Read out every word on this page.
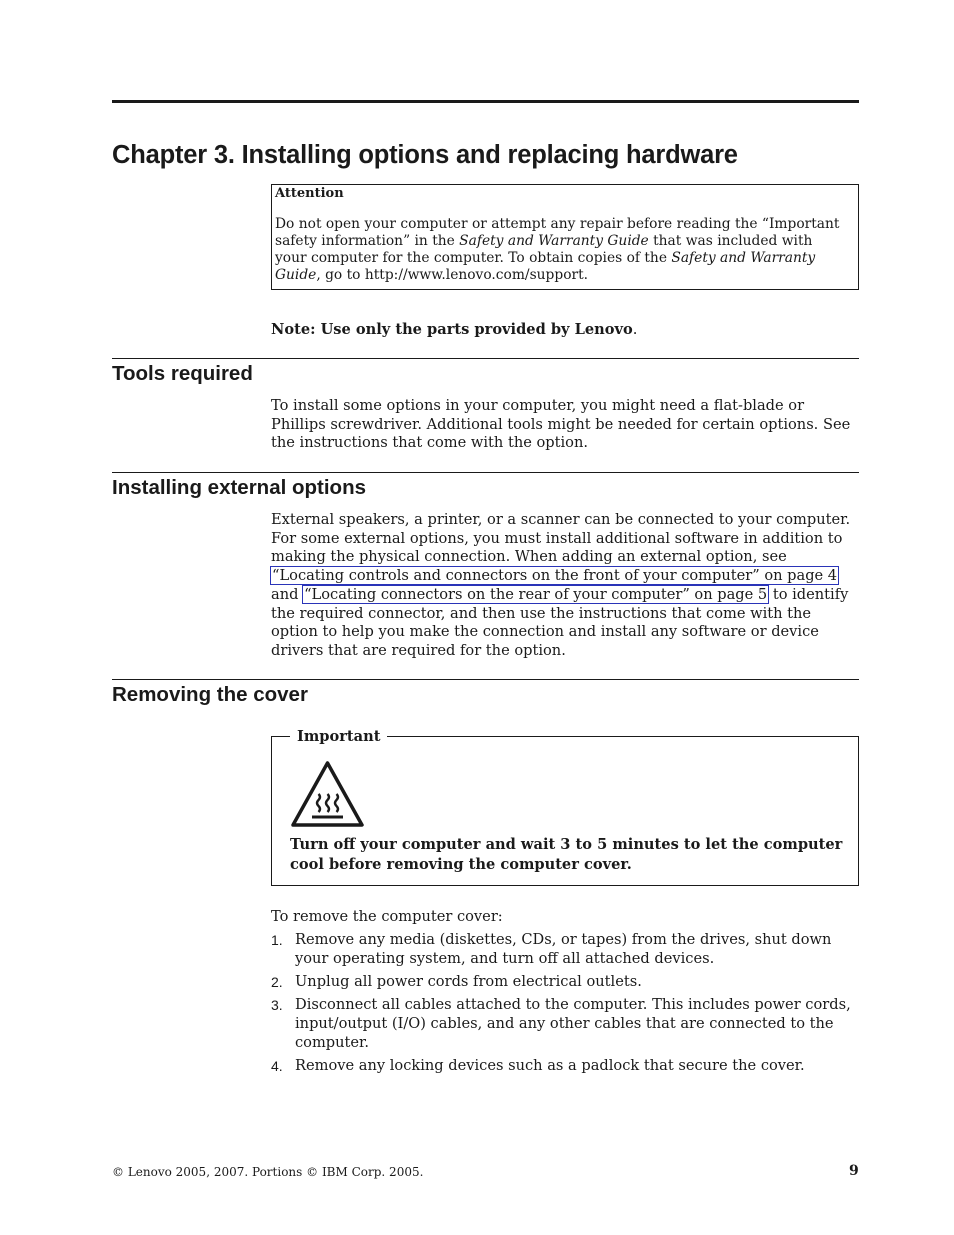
Chapter 3. Installing options and replacing hardware
Attention

Do not open your computer or attempt any repair before reading the “Important safety information” in the Safety and Warranty Guide that was included with your computer for the computer. To obtain copies of the Safety and Warranty Guide, go to http://www.lenovo.com/support.

Note: Use only the parts provided by Lenovo.
Tools required

To install some options in your computer, you might need a flat-blade or Phillips screwdriver. Additional tools might be needed for certain options. See the instructions that come with the option.

Installing external options

External speakers, a printer, or a scanner can be connected to your computer. For some external options, you must install additional software in addition to making the physical connection. When adding an external option, see “Locating controls and connectors on the front of your computer” on page 4 and “Locating connectors on the rear of your computer” on page 5 to identify the required connector, and then use the instructions that come with the option to help you make the connection and install any software or device drivers that are required for the option.

Removing the cover
Important

Turn off your computer and wait 3 to 5 minutes to let the computer cool before removing the computer cover.

To remove the computer cover:

1. Remove any media (diskettes, CDs, or tapes) from the drives, shut down your operating system, and turn off all attached devices.
2. Unplug all power cords from electrical outlets.
3. Disconnect all cables attached to the computer. This includes power cords, input/output (I/O) cables, and any other cables that are connected to the computer.
4. Remove any locking devices such as a padlock that secure the cover.
© Lenovo 2005, 2007. Portions © IBM Corp. 2005.	9
